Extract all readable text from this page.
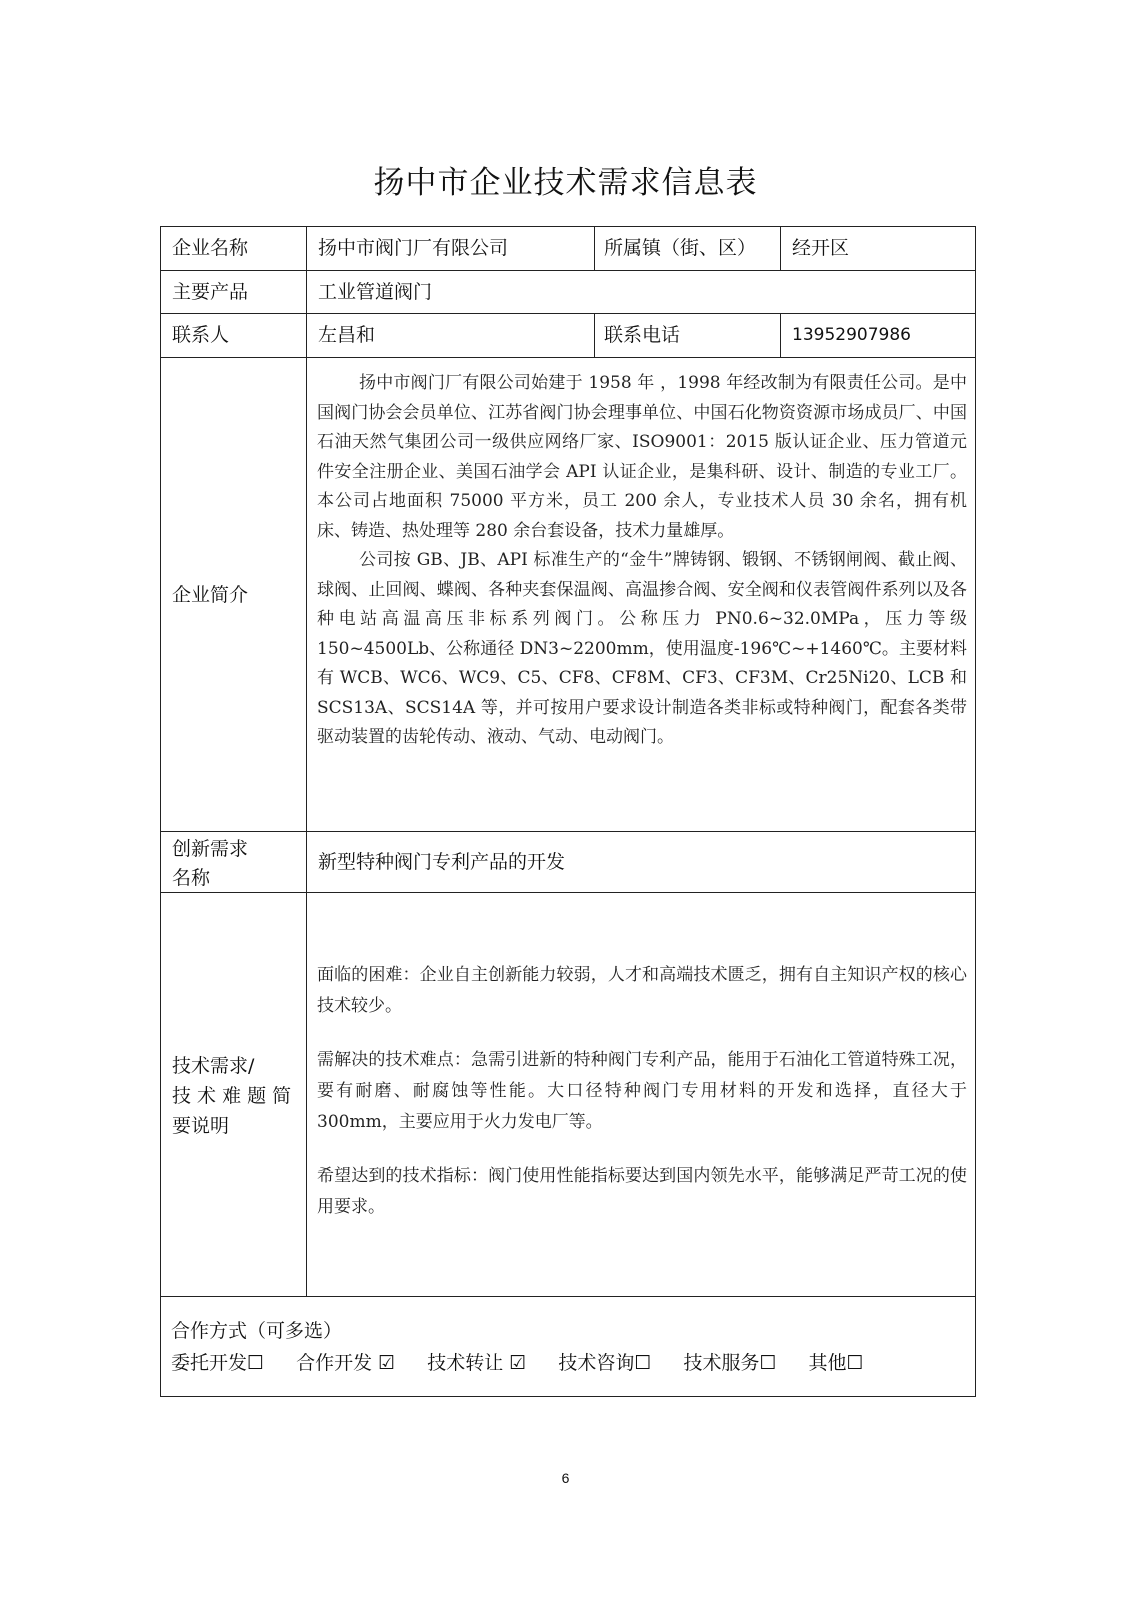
扬中市企业技术需求信息表
企业名称	扬中市阀门厂有限公司	所属镇（街、区） 经开区
主要产品	工业管道阀门
联系人	左昌和	联系电话	13952907986
企业简介

扬中市阀门厂有限公司始建于 1958 年 ，1998 年经改制为有限责任公司。是中国阀门协会会员单位、江苏省阀门协会理事单位、中国石化物资资源市场成员厂、中国石油天然气集团公司一级供应网络厂家、ISO9001：2015 版认证企业、压力管道元件安全注册企业、美国石油学会 API 认证企业，是集科研、设计、制造的专业工厂。本公司占地面积 75000 平方米，员工 200 余人，专业技术人员 30 余名，拥有机床、铸造、热处理等 280 余台套设备，技术力量雄厚。

公司按 GB、JB、API 标准生产的“金牛”牌铸钢、锻钢、不锈钢闸阀、截止阀、球阀、止回阀、蝶阀、各种夹套保温阀、高温掺合阀、安全阀和仪表管阀件系列以及各种电站高温高压非标系列阀门。公称压力 PN0.6~32.0MPa，压力等级 150~4500Lb、公称通径 DN3~2200mm，使用温度-196℃~+1460℃。主要材料有 WCB、WC6、WC9、C5、CF8、CF8M、CF3、CF3M、Cr25Ni20、LCB 和 SCS13A、SCS14A 等，并可按用户要求设计制造各类非标或特种阀门，配套各类带驱动装置的齿轮传动、液动、气动、电动阀门。

创新需求
名称
新型特种阀门专利产品的开发
技术需求/
技 术 难 题 简
要说明

面临的困难：企业自主创新能力较弱，人才和高端技术匮乏，拥有自主知识产权的核心技术较少。

需解决的技术难点：急需引进新的特种阀门专利产品，能用于石油化工管道特殊工况，要有耐磨、耐腐蚀等性能。大口径特种阀门专用材料的开发和选择，直径大于 300mm，主要应用于火力发电厂等。

希望达到的技术指标：阀门使用性能指标要达到国内领先水平，能够满足严苛工况的使用要求。

合作方式（可多选）
委托开发☐ 合作开发 ☑ 技术转让 ☑ 技术咨询☐ 技术服务☐ 其他☐
6
